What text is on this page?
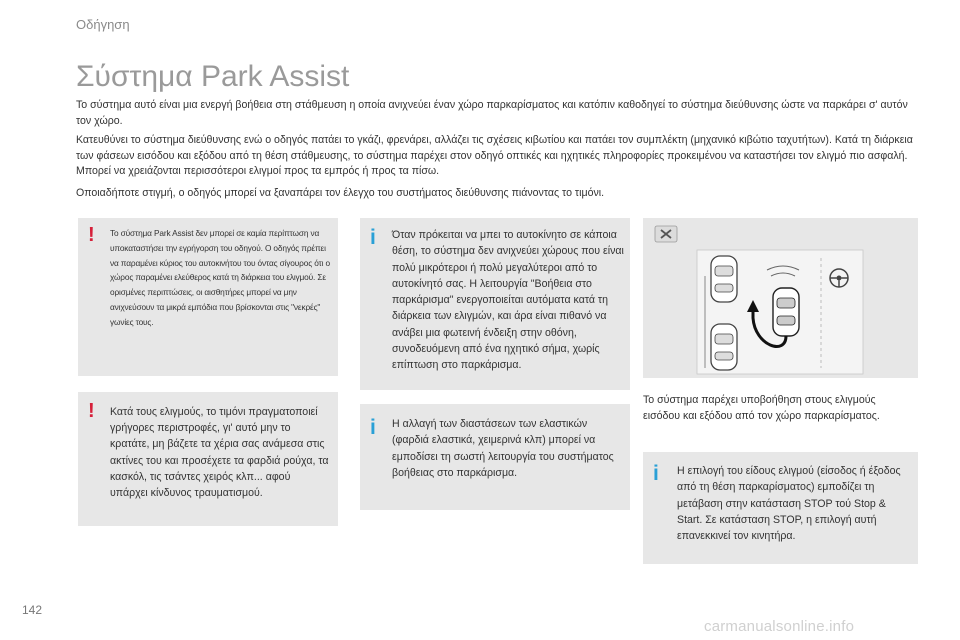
Οδήγηση
Σύστημα Park Assist

Το σύστημα αυτό είναι μια ενεργή βοήθεια στη στάθμευση η οποία ανιχνεύει έναν χώρο παρκαρίσματος και κατόπιν καθοδηγεί το σύστημα διεύθυνσης ώστε να παρκάρει σ' αυτόν τον χώρο.

Κατευθύνει το σύστημα διεύθυνσης ενώ ο οδηγός πατάει το γκάζι, φρενάρει, αλλάζει τις σχέσεις κιβωτίου και πατάει τον συμπλέκτη (μηχανικό κιβώτιο ταχυτήτων). Κατά τη διάρκεια των φάσεων εισόδου και εξόδου από τη θέση στάθμευσης, το σύστημα παρέχει στον οδηγό οπτικές και ηχητικές πληροφορίες προκειμένου να καταστήσει τον ελιγμό πιο ασφαλή. Μπορεί να χρειάζονται περισσότεροι ελιγμοί προς τα εμπρός ή προς τα πίσω.

Οποιαδήποτε στιγμή, ο οδηγός μπορεί να ξαναπάρει τον έλεγχο του συστήματος διεύθυνσης πιάνοντας το τιμόνι.

! Το σύστημα Park Assist δεν μπορεί σε καμία περίπτωση να υποκαταστήσει την εγρήγορση του οδηγού. Ο οδηγός πρέπει να παραμένει κύριος του αυτοκινήτου του όντας σίγουρος ότι ο χώρος παραμένει ελεύθερος κατά τη διάρκεια του ελιγμού. Σε ορισμένες περιπτώσεις, οι αισθητήρες μπορεί να μην ανιχνεύσουν τα μικρά εμπόδια που βρίσκονται στις "νεκρές" γωνίες τους.
! Κατά τους ελιγμούς, το τιμόνι πραγματοποιεί γρήγορες περιστροφές, γι' αυτό μην το κρατάτε, μη βάζετε τα χέρια σας ανάμεσα στις ακτίνες του και προσέχετε τα φαρδιά ρούχα, τα κασκόλ, τις τσάντες χειρός κλπ... αφού υπάρχει κίνδυνος τραυματισμού.
i Όταν πρόκειται να μπει το αυτοκίνητο σε κάποια θέση, το σύστημα δεν ανιχνεύει χώρους που είναι πολύ μικρότεροι ή πολύ μεγαλύτεροι από το αυτοκίνητό σας. Η λειτουργία "Βοήθεια στο παρκάρισμα" ενεργοποιείται αυτόματα κατά τη διάρκεια των ελιγμών, και άρα είναι πιθανό να ανάβει μια φωτεινή ένδειξη στην οθόνη, συνοδευόμενη από ένα ηχητικό σήμα, χωρίς επίπτωση στο παρκάρισμα.
i Η αλλαγή των διαστάσεων των ελαστικών (φαρδιά ελαστικά, χειμερινά κλπ) μπορεί να εμποδίσει τη σωστή λειτουργία του συστήματος βοήθειας στο παρκάρισμα.
Το σύστημα παρέχει υποβοήθηση στους ελιγμούς εισόδου και εξόδου από τον χώρο παρκαρίσματος.
i Η επιλογή του είδους ελιγμού (είσοδος ή έξοδος από τη θέση παρκαρίσματος) εμποδίζει τη μετάβαση στην κατάσταση STOP τού Stop & Start. Σε κατάσταση STOP, η επιλογή αυτή επανεκκινεί τον κινητήρα.
142
carmanualsonline.info
